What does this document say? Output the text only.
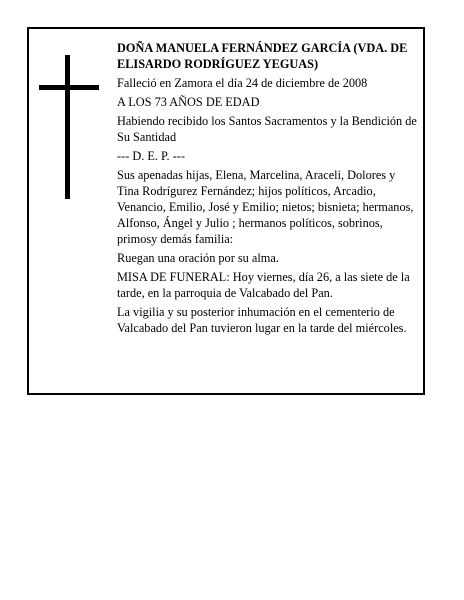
DOÑA MANUELA FERNÁNDEZ GARCÍA (VDA. DE ELISARDO RODRÍGUEZ YEGUAS)

Falleció en Zamora el día 24 de diciembre de 2008

A LOS 73 AÑOS DE EDAD

Habiendo recibido los Santos Sacramentos y la Bendición de Su Santidad

--- D. E. P. ---

Sus apenadas hijas, Elena, Marcelina, Araceli, Dolores y Tina Rodrígurez Fernández; hijos políticos, Arcadio, Venancio, Emilio, José y Emilio; nietos; bisnieta; hermanos, Alfonso, Ángel y Julio ; hermanos políticos, sobrinos, primosy demás familia:

Ruegan una oración por su alma.

MISA DE FUNERAL: Hoy viernes, día 26, a las siete de la tarde, en la parroquia de Valcabado del Pan.

La vigilia y su posterior inhumación en el cementerio de Valcabado del Pan tuvieron lugar en la tarde del miércoles.
